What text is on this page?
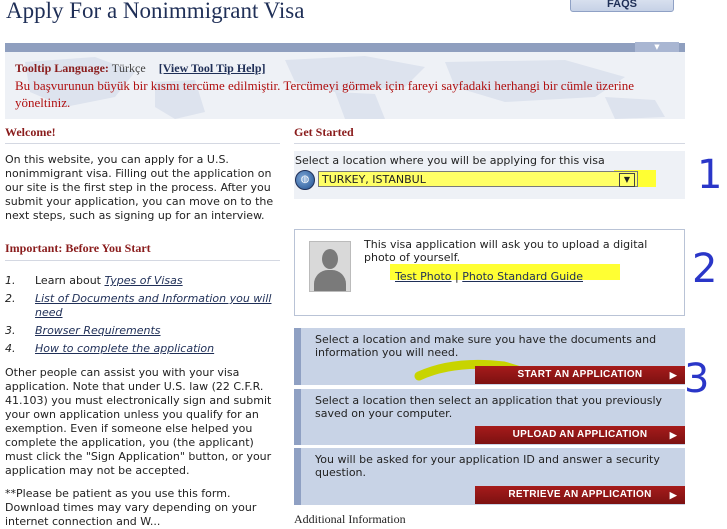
Apply For a Nonimmigrant Visa	FAQS
▼
Tooltip Language: Türkçe [View Tool Tip Help]
Bu başvurunun büyük bir kısmı tercüme edilmiştir. Tercümeyi görmek için fareyi sayfadaki herhangi bir cümle üzerine yöneltiniz.
Welcome!
On this website, you can apply for a U.S. nonimmigrant visa. Filling out the application on our site is the first step in the process. After you submit your application, you can move on to the next steps, such as signing up for an interview.
Important: Before You Start
1. Learn about Types of Visas
2. List of Documents and Information you will need
3. Browser Requirements
4. How to complete the application
Other people can assist you with your visa application. Note that under U.S. law (22 C.F.R. 41.103) you must electronically sign and submit your own application unless you qualify for an exemption. Even if someone else helped you complete the application, you (the applicant) must click the "Sign Application" button, or your application may not be accepted.
**Please be patient as you use this form. Download times may vary depending on your internet connection and W...
Get Started
Select a location where you will be applying for this visa
◍	TURKEY, ISTANBUL	▼
This visa application will ask you to upload a digital photo of yourself.
Test Photo | Photo Standard Guide
Select a location and make sure you have the documents and information you will need.
START AN APPLICATION	▶
Select a location then select an application that you previously saved on your computer.
UPLOAD AN APPLICATION ▶
You will be asked for your application ID and answer a security question.
RETRIEVE AN APPLICATION ▶
Additional Information
1
2
3
